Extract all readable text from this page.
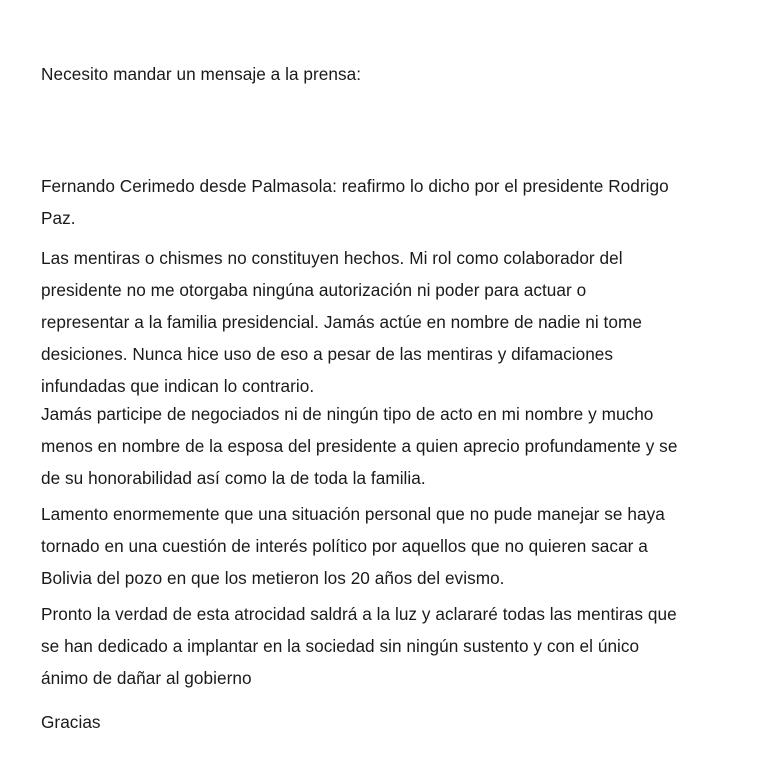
Necesito mandar un mensaje a la prensa:
Fernando Cerimedo desde Palmasola: reafirmo lo dicho por el presidente Rodrigo
Paz.
Las mentiras o chismes no constituyen hechos. Mi rol como colaborador del
presidente no me otorgaba ningúna autorización ni poder para actuar o
representar a la familia presidencial. Jamás actúe en nombre de nadie ni tome
desiciones. Nunca hice uso de eso a pesar de las mentiras y difamaciones
infundadas que indican lo contrario.
Jamás participe de negociados ni de ningún tipo de acto en mi nombre y mucho
menos en nombre de la esposa del presidente a quien aprecio profundamente y se
de su honorabilidad así como la de toda la familia.
Lamento enormemente que una situación personal que no pude manejar se haya
tornado en una cuestión de interés político por aquellos que no quieren sacar a
Bolivia del pozo en que los metieron los 20 años del evismo.
Pronto la verdad de esta atrocidad saldrá a la luz y aclararé todas las mentiras que
se han dedicado a implantar en la sociedad sin ningún sustento y con el único
ánimo de dañar al gobierno
Gracias
